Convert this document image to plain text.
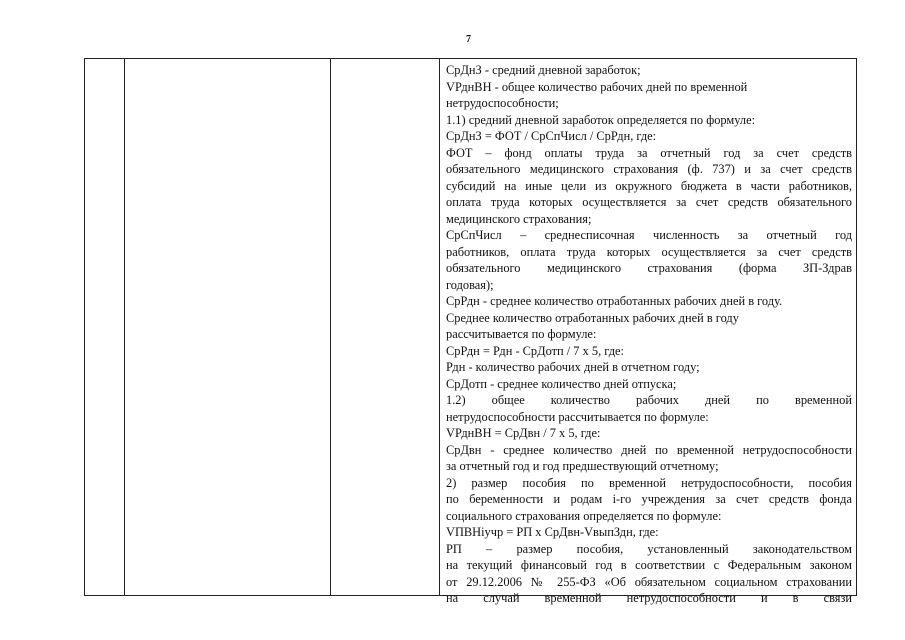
7
СрДнЗ - средний дневной заработок;
VРднВН - общее количество рабочих дней по временной
нетрудоспособности;
1.1) средний дневной заработок определяется по формуле:
СрДнЗ = ФОТ / СрСпЧисл / СрРдн, где:
ФОТ – фонд оплаты труда за отчетный год за счет средств
обязательного медицинского страхования (ф. 737) и за счет средств
субсидий на иные цели из окружного бюджета в части работников,
оплата труда которых осуществляется за счет средств обязательного
медицинского страхования;
СрСпЧисл – среднесписочная численность за отчетный год
работников, оплата труда которых осуществляется за счет средств
обязательного медицинского страхования (форма ЗП-Здрав
годовая);
СрРдн - среднее количество отработанных рабочих дней в году.
Среднее количество отработанных рабочих дней в году
рассчитывается по формуле:
СрРдн = Рдн - СрДотп / 7 x 5, где:
Рдн - количество рабочих дней в отчетном году;
СрДотп - среднее количество дней отпуска;
1.2) общее количество рабочих дней по временной
нетрудоспособности рассчитывается по формуле:
VРднВН = СрДвн / 7 x 5, где:
СрДвн - среднее количество дней по временной нетрудоспособности
за отчетный год и год предшествующий отчетному;
2) размер пособия по временной нетрудоспособности, пособия
по беременности и родам i-го учреждения за счет средств фонда
социального страхования определяется по формуле:
VПВНiучр = РП x СрДвн-VвыпЗдн, где:
РП – размер пособия, установленный законодательством
на текущий финансовый год в соответствии с Федеральным законом
от 29.12.2006 № 255-ФЗ «Об обязательном социальном страховании
на случай временной нетрудоспособности и в связи
